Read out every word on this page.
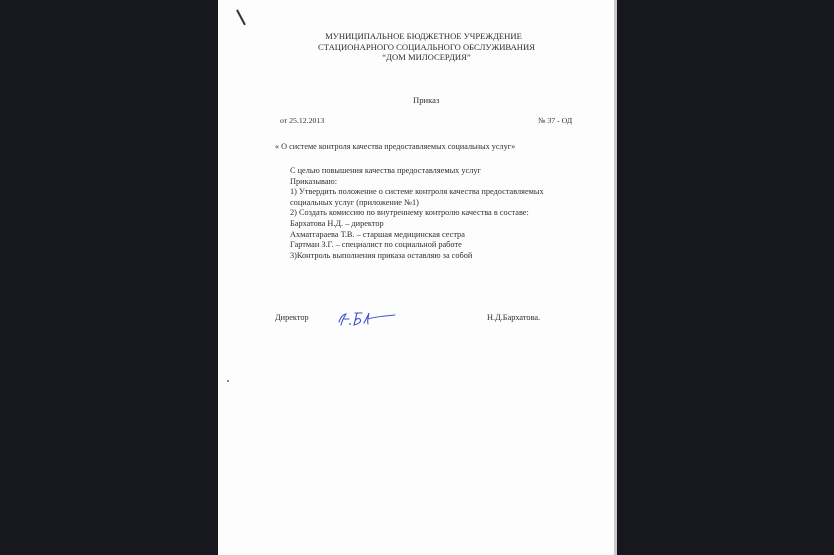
МУНИЦИПАЛЬНОЕ БЮДЖЕТНОЕ УЧРЕЖДЕНИЕ
СТАЦИОНАРНОГО СОЦИАЛЬНОГО ОБСЛУЖИВАНИЯ
“ДОМ МИЛОСЕРДИЯ”
Приказ
от 25.12.2013	№ 37 - ОД
« О системе контроля качества предоставляемых социальных услуг»
С целью повышения качества предоставляемых услуг
Приказываю:
1) Утвердить положение о системе контроля качества предоставляемых
социальных услуг (приложение №1)
2) Создать комиссию по внутреннему контролю качества в составе:
Бархатова Н.Д. – директор
Ахматгараева Т.В. – старшая медицинская сестра
Гартман З.Г. – специалист по социальной работе
3)Контроль выполнения приказа оставляю за собой
Директор	Н.Д.Бархатова.
